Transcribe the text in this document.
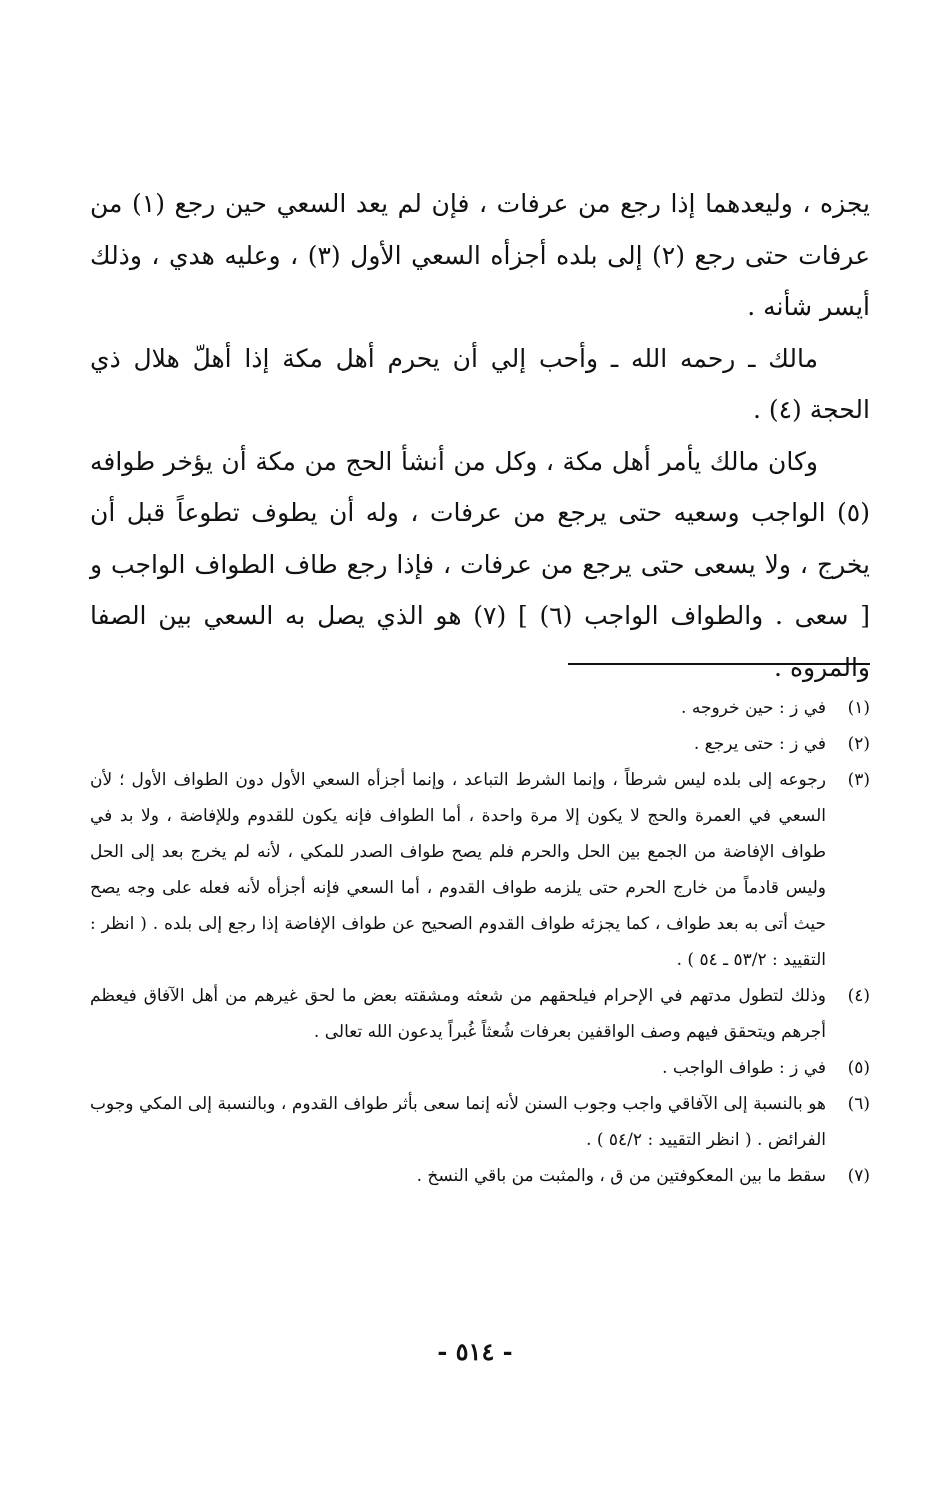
يجزه ، وليعدهما إذا رجع من عرفات ، فإن لم يعد السعي حين رجع (١) من عرفات حتى رجع (٢) إلى بلده أجزأه السعي الأول (٣) ، وعليه هدي ، وذلك أيسر شأنه .

مالك ـ رحمه الله ـ وأحب إلي أن يحرم أهل مكة إذا أهلّ هلال ذي الحجة (٤) .

وكان مالك يأمر أهل مكة ، وكل من أنشأ الحج من مكة أن يؤخر طوافه (٥) الواجب وسعيه حتى يرجع من عرفات ، وله أن يطوف تطوعاً قبل أن يخرج ، ولا يسعى حتى يرجع من عرفات ، فإذا رجع طاف الطواف الواجب و [ سعى . والطواف الواجب (٦) ] (٧) هو الذي يصل به السعي بين الصفا والمروة .

(١)
في ز : حين خروجه .
(٢)
في ز : حتى يرجع .
(٣)
رجوعه إلى بلده ليس شرطاً ، وإنما الشرط التباعد ، وإنما أجزأه السعي الأول دون الطواف الأول ؛ لأن السعي في العمرة والحج لا يكون إلا مرة واحدة ، أما الطواف فإنه يكون للقدوم وللإفاضة ، ولا بد في طواف الإفاضة من الجمع بين الحل والحرم فلم يصح طواف الصدر للمكي ، لأنه لم يخرج بعد إلى الحل وليس قادماً من خارج الحرم حتى يلزمه طواف القدوم ، أما السعي فإنه أجزأه لأنه فعله على وجه يصح حيث أتى به بعد طواف ، كما يجزئه طواف القدوم الصحيح عن طواف الإفاضة إذا رجع إلى بلده . ( انظر : التقييد : ٥٣/٢ ـ ٥٤ ) .
(٤)
وذلك لتطول مدتهم في الإحرام فيلحقهم من شعثه ومشقته بعض ما لحق غيرهم من أهل الآفاق فيعظم أجرهم ويتحقق فيهم وصف الواقفين بعرفات شُعثاً غُبراً يدعون الله تعالى .
(٥)
في ز : طواف الواجب .
(٦)
هو بالنسبة إلى الآفاقي واجب وجوب السنن لأنه إنما سعى بأثر طواف القدوم ، وبالنسبة إلى المكي وجوب الفرائض . ( انظر التقييد : ٥٤/٢ ) .
(٧)
سقط ما بين المعكوفتين من ق ، والمثبت من باقي النسخ .
- ٥١٤ -
